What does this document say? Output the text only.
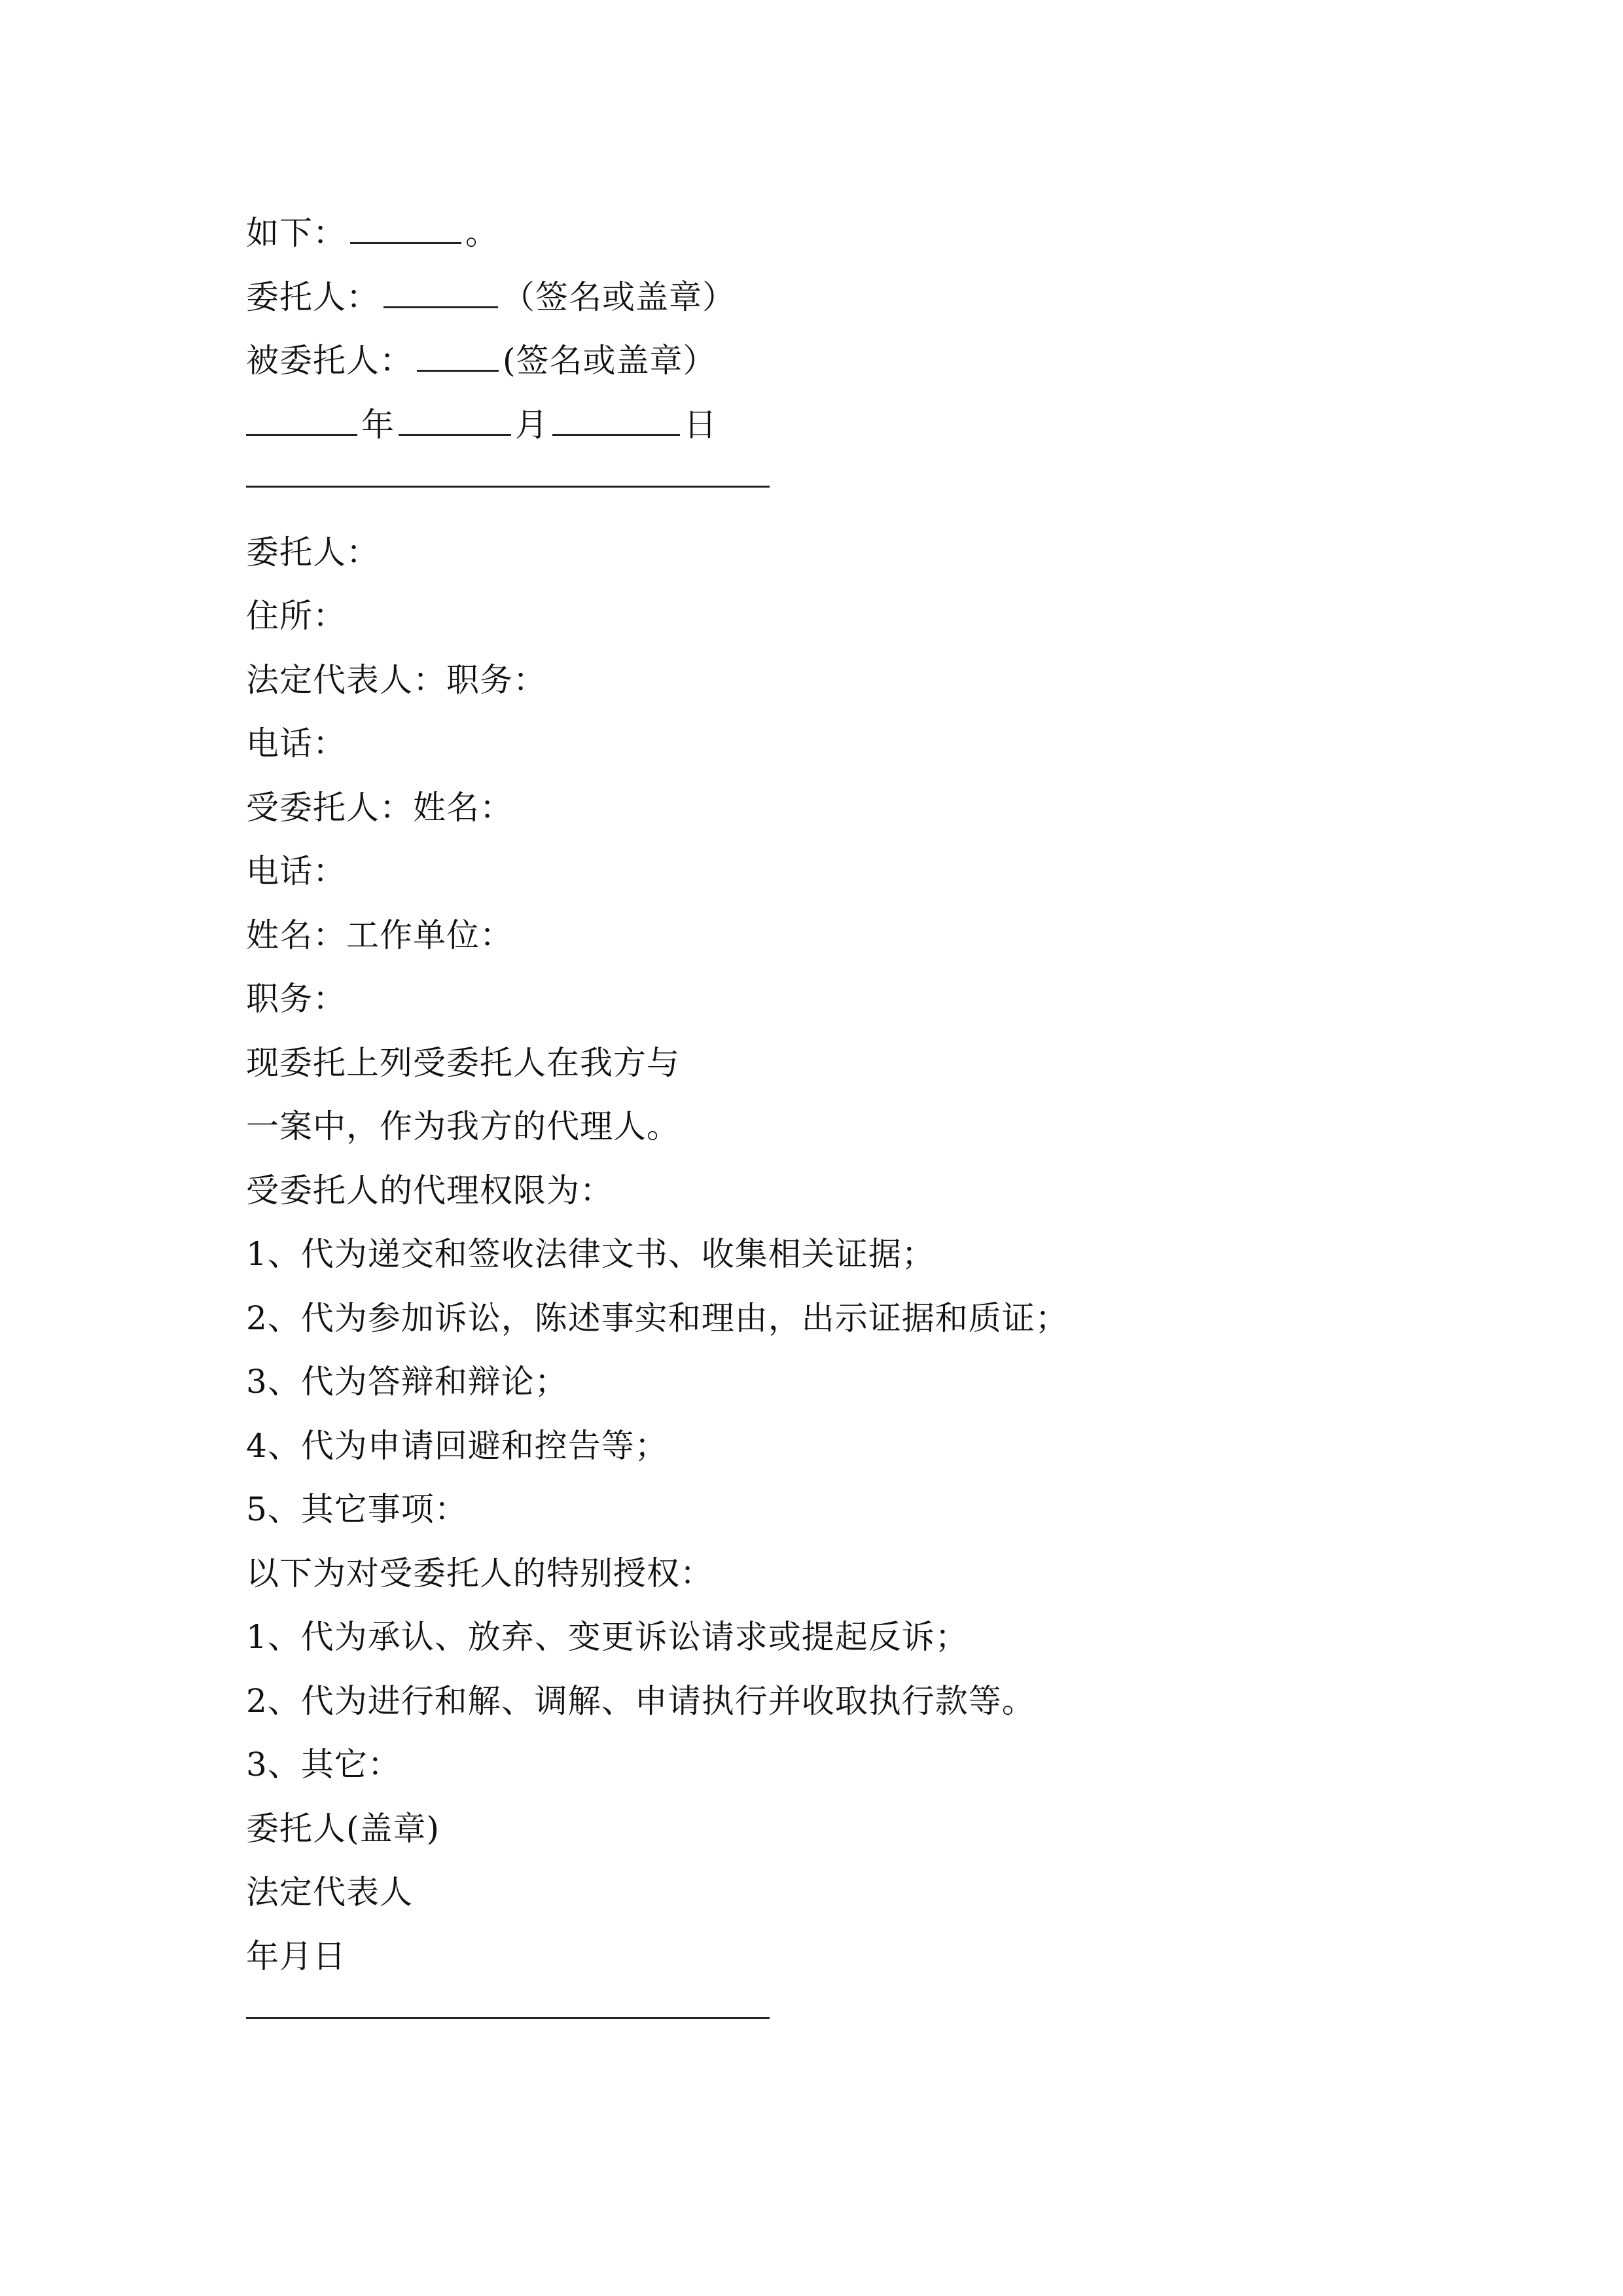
如下：	。
委托人：	（签名或盖章）
被委托人：	(签名或盖章）
年	月	日
委托人：
住所：
法定代表人：职务：
电话：
受委托人：姓名：
电话：
姓名：工作单位：
职务：
现委托上列受委托人在我方与
一案中，作为我方的代理人。
受委托人的代理权限为：
1、代为递交和签收法律文书、收集相关证据；
2、代为参加诉讼，陈述事实和理由，出示证据和质证；
3、代为答辩和辩论；
4、代为申请回避和控告等；
5、其它事项：
以下为对受委托人的特别授权：
1、代为承认、放弃、变更诉讼请求或提起反诉；
2、代为进行和解、调解、申请执行并收取执行款等。
3、其它：
委托人(盖章)
法定代表人
年月日
